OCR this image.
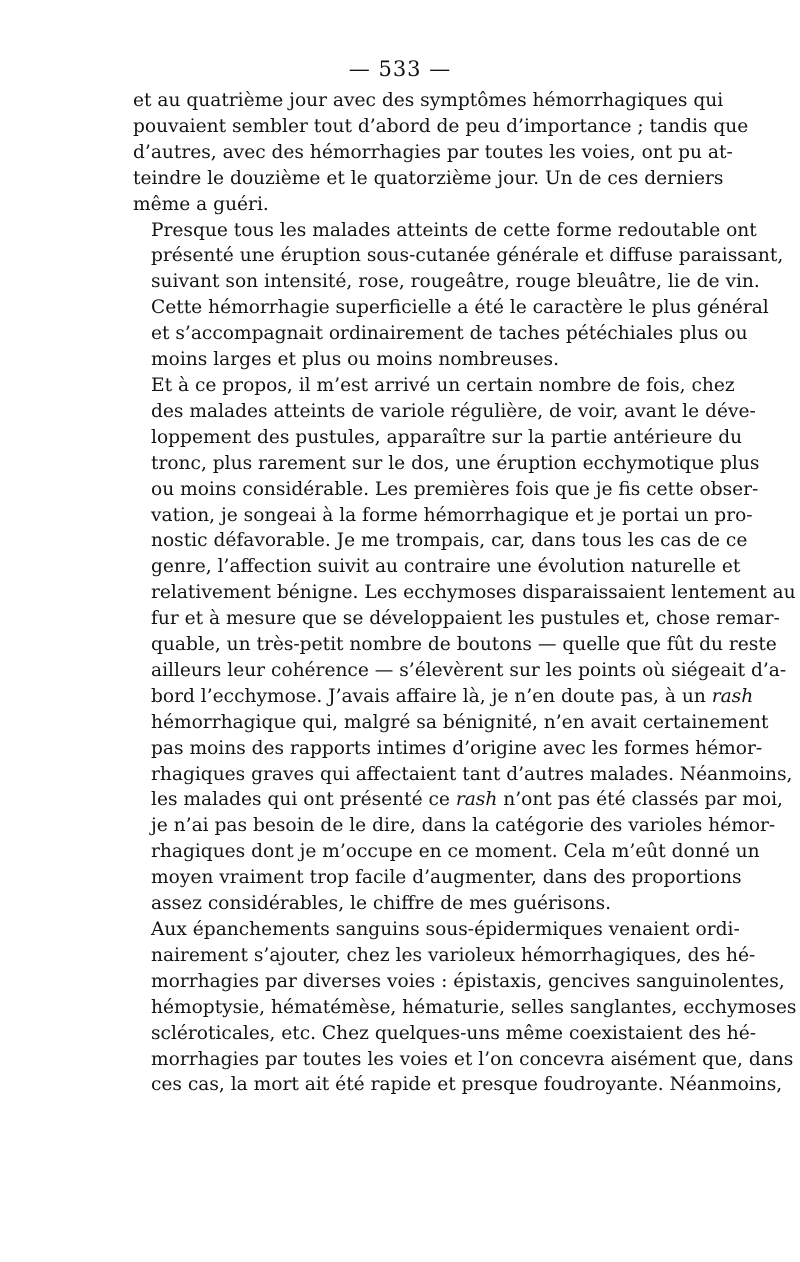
— 533 —

et au quatrième jour avec des symptômes hémorrhagiques qui
pouvaient sembler tout d’abord de peu d’importance ; tandis que
d’autres, avec des hémorrhagies par toutes les voies, ont pu at-
teindre le douzième et le quatorzième jour. Un de ces derniers
même a guéri.

Presque tous les malades atteints de cette forme redoutable ont
présenté une éruption sous-cutanée générale et diffuse paraissant,
suivant son intensité, rose, rougeâtre, rouge bleuâtre, lie de vin.
Cette hémorrhagie superficielle a été le caractère le plus général
et s’accompagnait ordinairement de taches pétéchiales plus ou
moins larges et plus ou moins nombreuses.

Et à ce propos, il m’est arrivé un certain nombre de fois, chez
des malades atteints de variole régulière, de voir, avant le déve-
loppement des pustules, apparaître sur la partie antérieure du
tronc, plus rarement sur le dos, une éruption ecchymotique plus
ou moins considérable. Les premières fois que je fis cette obser-
vation, je songeai à la forme hémorrhagique et je portai un pro-
nostic défavorable. Je me trompais, car, dans tous les cas de ce
genre, l’affection suivit au contraire une évolution naturelle et
relativement bénigne. Les ecchymoses disparaissaient lentement au
fur et à mesure que se développaient les pustules et, chose remar-
quable, un très-petit nombre de boutons — quelle que fût du reste
ailleurs leur cohérence — s’élevèrent sur les points où siégeait d’a-
bord l’ecchymose. J’avais affaire là, je n’en doute pas, à un rash
hémorrhagique qui, malgré sa bénignité, n’en avait certainement
pas moins des rapports intimes d’origine avec les formes hémor-
rhagiques graves qui affectaient tant d’autres malades. Néanmoins,
les malades qui ont présenté ce rash n’ont pas été classés par moi,
je n’ai pas besoin de le dire, dans la catégorie des varioles hémor-
rhagiques dont je m’occupe en ce moment. Cela m’eût donné un
moyen vraiment trop facile d’augmenter, dans des proportions
assez considérables, le chiffre de mes guérisons.

Aux épanchements sanguins sous-épidermiques venaient ordi-
nairement s’ajouter, chez les varioleux hémorrhagiques, des hé-
morrhagies par diverses voies : épistaxis, gencives sanguinolentes,
hémoptysie, hématémèse, hématurie, selles sanglantes, ecchymoses
scléroticales, etc. Chez quelques-uns même coexistaient des hé-
morrhagies par toutes les voies et l’on concevra aisément que, dans
ces cas, la mort ait été rapide et presque foudroyante. Néanmoins,
